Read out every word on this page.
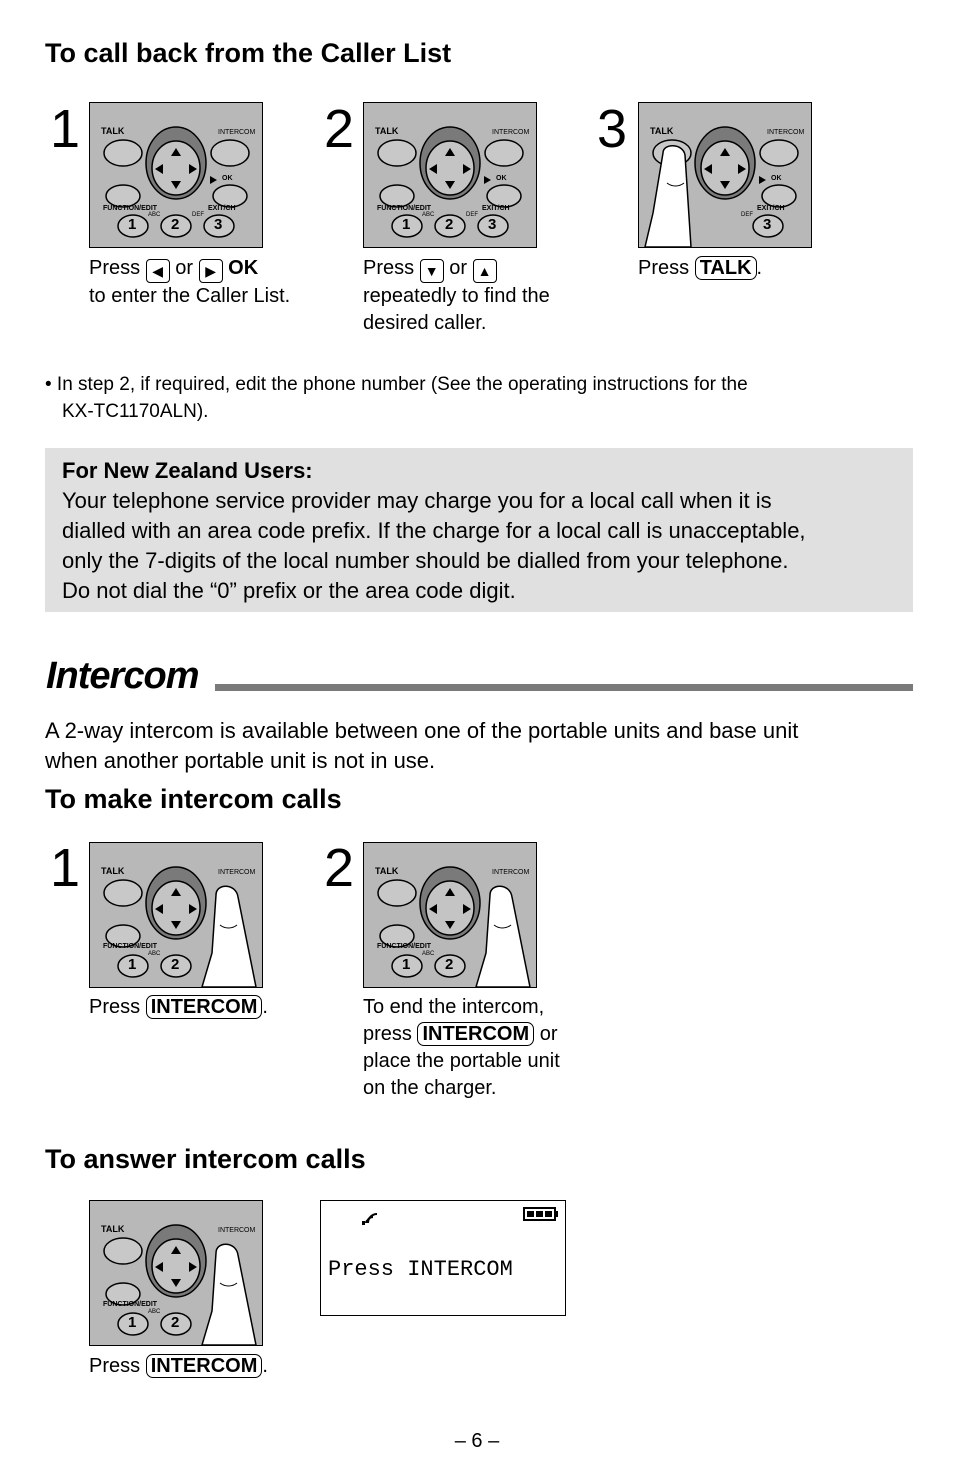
To call back from the Caller List
1	2	3
TALK	INTERCOM
OK
FUNCTION/EDIT	EXIT/CH
ABC	DEF
1 2 3
TALK	INTERCOM
OK
FUNCTION/EDIT	EXIT/CH
ABC	DEF
1 2 3
TALK	INTERCOM
OK
EXIT/CH
DEF
3
Press ◀ or ▶ OK
to enter the Caller List.
Press ▼ or ▲
repeatedly to find the
desired caller.
Press TALK .
• In step 2, if required, edit the phone number (See the operating instructions for the
KX-TC1170ALN).
For New Zealand Users:
Your telephone service provider may charge you for a local call when it is
dialled with an area code prefix. If the charge for a local call is unacceptable,
only the 7-digits of the local number should be dialled from your telephone.
Do not dial the “0” prefix or the area code digit.
Intercom
A 2-way intercom is available between one of the portable units and base unit
when another portable unit is not in use.
To make intercom calls
1	2
TALK	INTERCOM
FUNCTION/EDIT
ABC
1 2
TALK	INTERCOM
FUNCTION/EDIT
ABC
1 2
Press INTERCOM .	To end the intercom,
press INTERCOM or
place the portable unit
on the charger.
To answer intercom calls
TALK	INTERCOM
FUNCTION/EDIT
ABC
1 2
Press INTERCOM
Press INTERCOM .
– 6 –
